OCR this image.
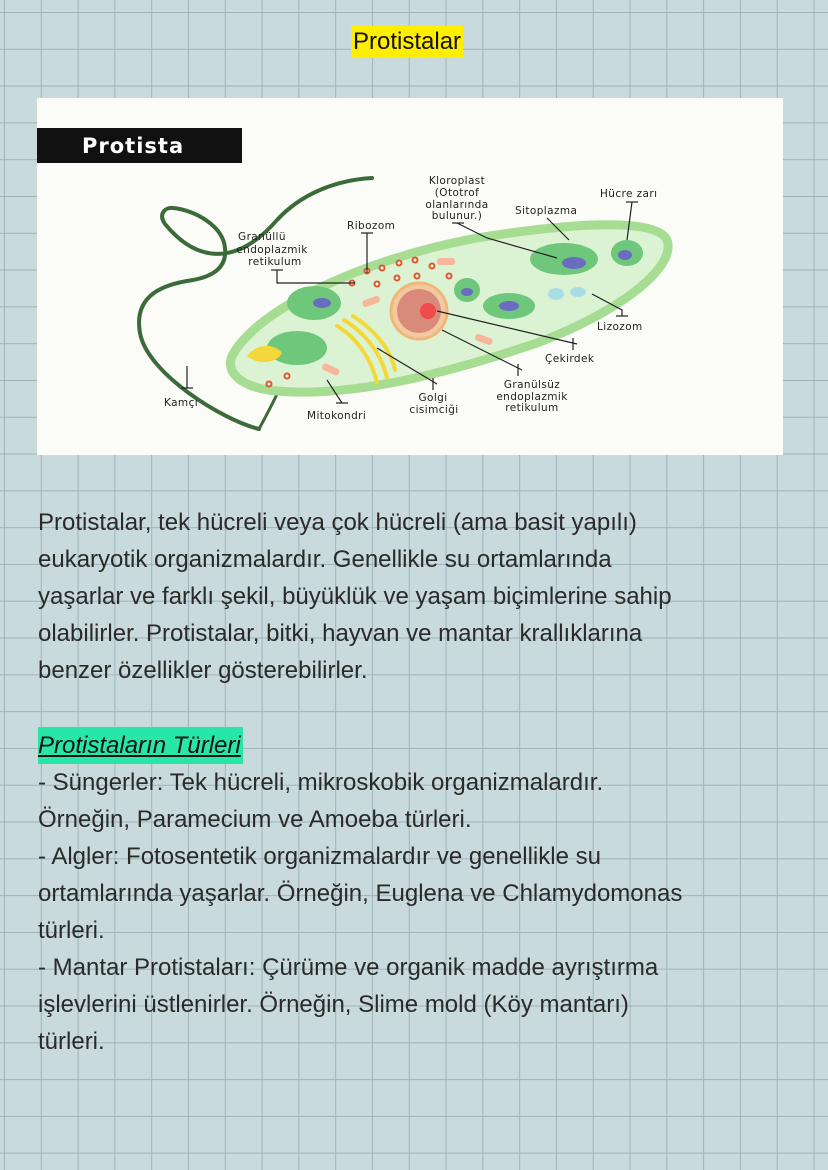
Protistalar
Protista
Ribozom
Granüllü
endoplazmik
retikulum
Kloroplast
(Ototrof
olanlarında
bulunur.)	Sitoplazma
Hücre zarı
Lizozom
Çekirdek
Granülsüz
endoplazmik
retikulum
Golgi
cisimciği
Mitokondri
Kamçı
Protistalar, tek hücreli veya çok hücreli (ama basit yapılı)
eukaryotik organizmalardır. Genellikle su ortamlarında
yaşarlar ve farklı şekil, büyüklük ve yaşam biçimlerine sahip
olabilirler. Protistalar, bitki, hayvan ve mantar krallıklarına
benzer özellikler gösterebilirler.
Protistaların Türleri
- Süngerler: Tek hücreli, mikroskobik organizmalardır.
Örneğin, Paramecium ve Amoeba türleri.
- Algler: Fotosentetik organizmalardır ve genellikle su
ortamlarında yaşarlar. Örneğin, Euglena ve Chlamydomonas
türleri.
- Mantar Protistaları: Çürüme ve organik madde ayrıştırma
işlevlerini üstlenirler. Örneğin, Slime mold (Köy mantarı)
türleri.
